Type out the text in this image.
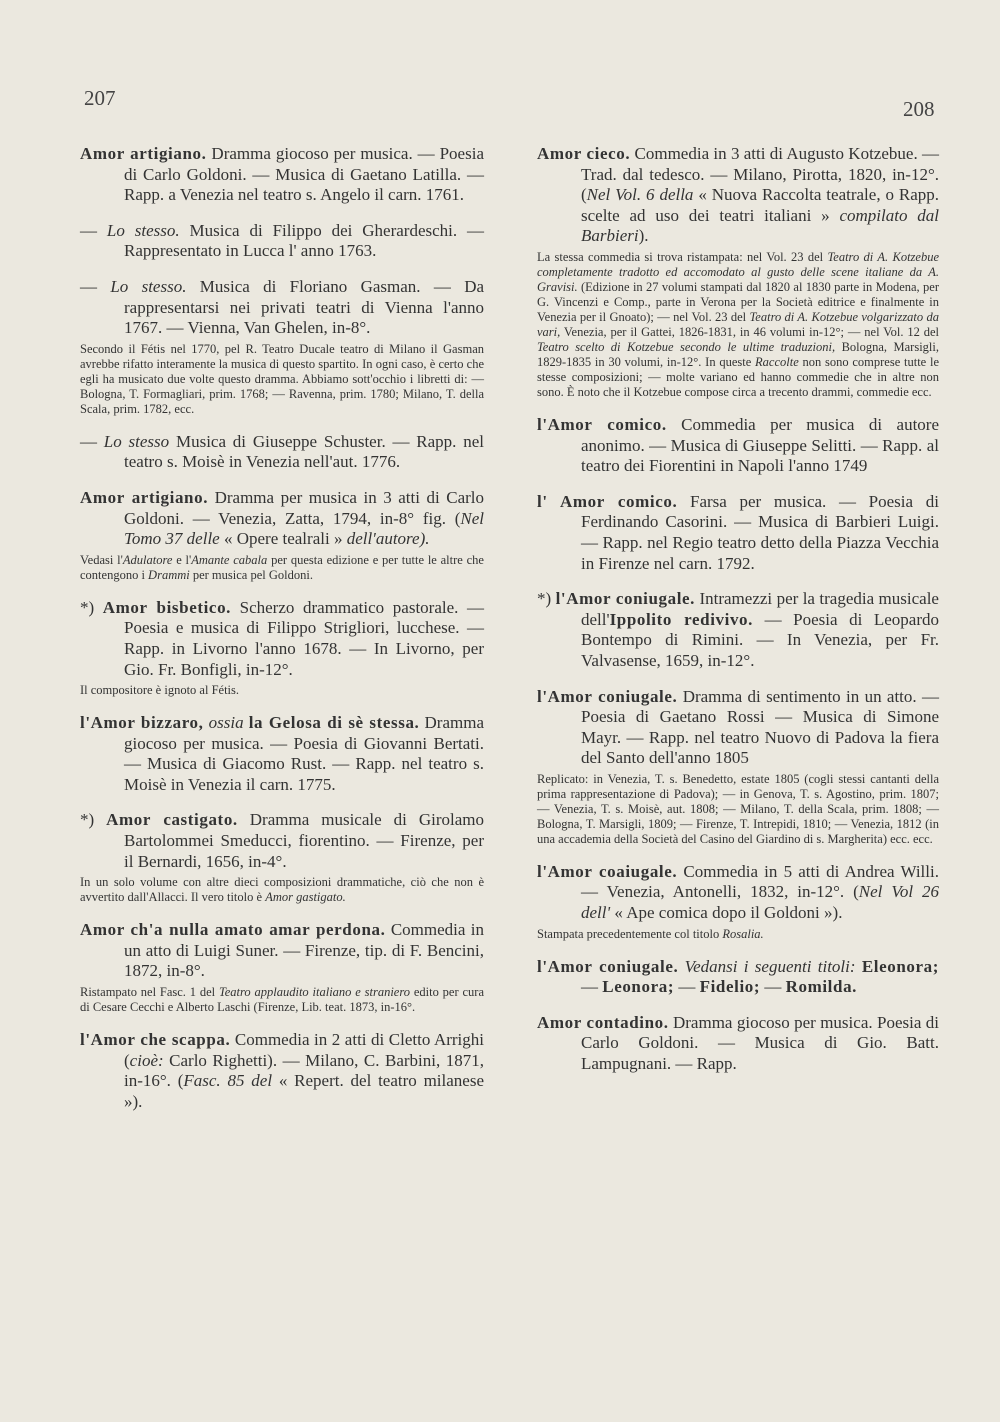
207	208
Amor artigiano. Dramma giocoso per musica. — Poesia di Carlo Goldoni. — Musica di Gaetano Latilla. — Rapp. a Venezia nel teatro s. Angelo il carn. 1761.
— Lo stesso. Musica di Filippo dei Gherardeschi. — Rappresentato in Lucca l' anno 1763.
— Lo stesso. Musica di Floriano Gasman. — Da rappresentarsi nei privati teatri di Vienna l'anno 1767. — Vienna, Van Ghelen, in-8°.
Secondo il Fétis nel 1770, pel R. Teatro Ducale teatro di Milano il Gasman avrebbe rifatto interamente la musica di questo spartito. In ogni caso, è certo che egli ha musicato due volte questo dramma. Abbiamo sott'occhio i libretti di: — Bologna, T. Formagliari, prim. 1768; — Ravenna, prim. 1780; Milano, T. della Scala, prim. 1782, ecc.
— Lo stesso Musica di Giuseppe Schuster. — Rapp. nel teatro s. Moisè in Venezia nell'aut. 1776.
Amor artigiano. Dramma per musica in 3 atti di Carlo Goldoni. — Venezia, Zatta, 1794, in-8° fig. (Nel Tomo 37 delle « Opere tealrali » dell'autore).
Vedasi l'Adulatore e l'Amante cabala per questa edizione e per tutte le altre che contengono i Drammi per musica pel Goldoni.
*) Amor bisbetico. Scherzo drammatico pastorale. — Poesia e musica di Filippo Strigliori, lucchese. — Rapp. in Livorno l'anno 1678. — In Livorno, per Gio. Fr. Bonfigli, in-12°.
Il compositore è ignoto al Fétis.
l'Amor bizzaro, ossia la Gelosa di sè stessa. Dramma giocoso per musica. — Poesia di Giovanni Bertati. — Musica di Giacomo Rust. — Rapp. nel teatro s. Moisè in Venezia il carn. 1775.
*) Amor castigato. Dramma musicale di Girolamo Bartolommei Smeducci, fiorentino. — Firenze, per il Bernardi, 1656, in-4°.
In un solo volume con altre dieci composizioni drammatiche, ciò che non è avvertito dall'Allacci. Il vero titolo è Amor gastigato.
Amor ch'a nulla amato amar perdona. Commedia in un atto di Luigi Suner. — Firenze, tip. di F. Bencini, 1872, in-8°.
Ristampato nel Fasc. 1 del Teatro applaudito italiano e straniero edito per cura di Cesare Cecchi e Alberto Laschi (Firenze, Lib. teat. 1873, in-16°.
l'Amor che scappa. Commedia in 2 atti di Cletto Arrighi (cioè: Carlo Righetti). — Milano, C. Barbini, 1871, in-16°. (Fasc. 85 del « Repert. del teatro milanese »).
Amor cieco. Commedia in 3 atti di Augusto Kotzebue. — Trad. dal tedesco. — Milano, Pirotta, 1820, in-12°. (Nel Vol. 6 della « Nuova Raccolta teatrale, o Rapp. scelte ad uso dei teatri italiani » compilato dal Barbieri).
La stessa commedia si trova ristampata: nel Vol. 23 del Teatro di A. Kotzebue completamente tradotto ed accomodato al gusto delle scene italiane da A. Gravisi. (Edizione in 27 volumi stampati dal 1820 al 1830 parte in Modena, per G. Vincenzi e Comp., parte in Verona per la Società editrice e finalmente in Venezia per il Gnoato); — nel Vol. 23 del Teatro di A. Kotzebue volgarizzato da vari, Venezia, per il Gattei, 1826-1831, in 46 volumi in-12°; — nel Vol. 12 del Teatro scelto di Kotzebue secondo le ultime traduzioni, Bologna, Marsigli, 1829-1835 in 30 volumi, in-12°. In queste Raccolte non sono comprese tutte le stesse composizioni; — molte variano ed hanno commedie che in altre non sono. È noto che il Kotzebue compose circa a trecento drammi, commedie ecc.
l'Amor comico. Commedia per musica di autore anonimo. — Musica di Giuseppe Selitti. — Rapp. al teatro dei Fiorentini in Napoli l'anno 1749
l' Amor comico. Farsa per musica. — Poesia di Ferdinando Casorini. — Musica di Barbieri Luigi. — Rapp. nel Regio teatro detto della Piazza Vecchia in Firenze nel carn. 1792.
*) l'Amor coniugale. Intramezzi per la tragedia musicale dell'Ippolito redivivo. — Poesia di Leopardo Bontempo di Rimini. — In Venezia, per Fr. Valvasense, 1659, in-12°.
l'Amor coniugale. Dramma di sentimento in un atto. — Poesia di Gaetano Rossi — Musica di Simone Mayr. — Rapp. nel teatro Nuovo di Padova la fiera del Santo dell'anno 1805
Replicato: in Venezia, T. s. Benedetto, estate 1805 (cogli stessi cantanti della prima rappresentazione di Padova); — in Genova, T. s. Agostino, prim. 1807; — Venezia, T. s. Moisè, aut. 1808; — Milano, T. della Scala, prim. 1808; — Bologna, T. Marsigli, 1809; — Firenze, T. Intrepidi, 1810; — Venezia, 1812 (in una accademia della Società del Casino del Giardino di s. Margherita) ecc. ecc.
l'Amor coaiugale. Commedia in 5 atti di Andrea Willi. — Venezia, Antonelli, 1832, in-12°. (Nel Vol 26 dell' « Ape comica dopo il Goldoni »).
Stampata precedentemente col titolo Rosalia.
l'Amor coniugale. Vedansi i seguenti titoli: Eleonora; — Leonora; — Fidelio; — Romilda.
Amor contadino. Dramma giocoso per musica. Poesia di Carlo Goldoni. — Musica di Gio. Batt. Lampugnani. — Rapp.
